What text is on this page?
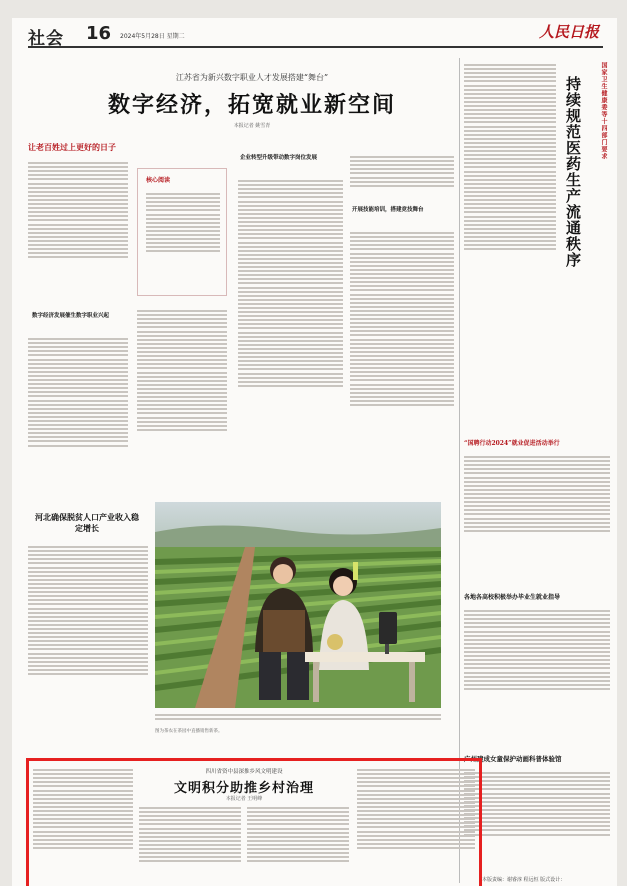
社会 16 2024年5月28日 星期二	人民日报
江苏省为新兴数字职业人才发展搭建“舞台”
数字经济，拓宽就业新空间
本报记者 姚雪青
让老百姓过上更好的日子
数字经济发展催生数字职业兴起
核心阅读
企业转型升级带动数字岗位发展
开展技能培训，搭建竞技舞台
国家卫生健康委等十四部门要求
持续规范医药生产流通秩序
“国聘行动2024”就业促进活动举行
各地各高校积极举办毕业生就业指导
广州建成女童保护动画科普体验馆
河北确保脱贫人口产业收入稳定增长
图为茶农在茶园中直播销售新茶。
四川省资中县深推乡风文明建设
文明积分助推乡村治理
本报记者 王明峰
本版责编：谢睿淳 程远恒 版式设计：
